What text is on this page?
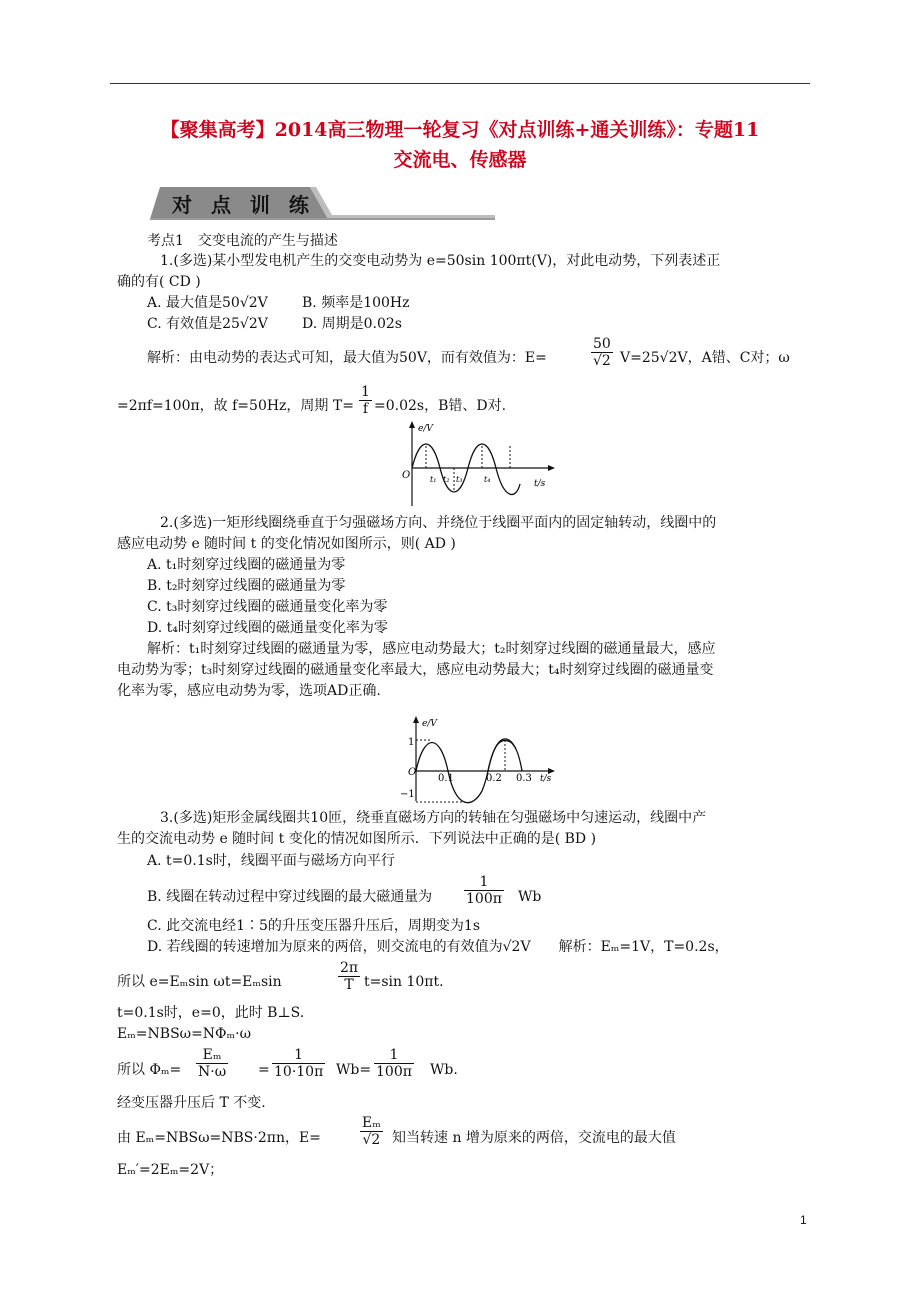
【聚集高考】2014高三物理一轮复习《对点训练+通关训练》：专题11
交流电、传感器
对 点 训 练
考点1　交变电流的产生与描述
1.(多选)某小型发电机产生的交变电动势为 e=50sin 100πt(V)，对此电动势，下列表述正
确的有( CD )
A. 最大值是50√2V B. 频率是100Hz
C. 有效值是25√2V D. 周期是0.02s
解析：由电动势的表达式可知，最大值为50V，而有效值为：E=	$\frac{50}{√2} V=25√2V$，A错、C对；ω
=2πf=100π，故 f=50Hz，周期 $T= \frac{1}{f} =0.02s$，B错、D对.
e/V
t/s
O t₁ t₂ t₃	t₄
2.(多选)一矩形线圈绕垂直于匀强磁场方向、并绕位于线圈平面内的固定轴转动，线圈中的
感应电动势 e 随时间 t 的变化情况如图所示，则( AD )
A. t₁时刻穿过线圈的磁通量为零
B. t₂时刻穿过线圈的磁通量为零
C. t₃时刻穿过线圈的磁通量变化率为零
D. t₄时刻穿过线圈的磁通量变化率为零
解析：t₁时刻穿过线圈的磁通量为零，感应电动势最大；t₂时刻穿过线圈的磁通量最大，感应
电动势为零；t₃时刻穿过线圈的磁通量变化率最大，感应电动势最大；t₄时刻穿过线圈的磁通量变
化率为零，感应电动势为零，选项AD正确.
e/V
t/s
O
1
−1
0.1	0.2 0.3
3.(多选)矩形金属线圈共10匝，绕垂直磁场方向的转轴在匀强磁场中匀速运动，线圈中产
生的交流电动势 e 随时间 t 变化的情况如图所示．下列说法中正确的是( BD )
A. t=0.1s时，线圈平面与磁场方向平行
B. 线圈在转动过程中穿过线圈的最大磁通量为 $\frac{1}{100\pi}$ Wb
C. 此交流电经1∶5的升压变压器升压后，周期变为1s
D. 若线圈的转速增加为原来的两倍，则交流电的有效值为√2V　　解析：Eₘ=1V，T=0.2s，
所以 e=Eₘsin ωt=Eₘsin	$\frac{2\pi}{T} t=\sin$ 10πt.
t=0.1s时，e=0，此时 B⊥S.
Eₘ=NBSω=NΦₘ·ω
所以 $\Phi_m= \frac{\text{Eₘ}}{N\cdot\omega} = \frac{1}{10\cdot 10\pi} Wb= \frac{1}{100\pi} Wb$.
经变压器升压后 T 不变.
由 Eₘ=NBSω=NBS·2πn，E=	$\frac{\text{Eₘ}}{√2}$ 知当转速 n 增为原来的两倍，交流电的最大值
Eₘ′=2Eₘ=2V；
1
